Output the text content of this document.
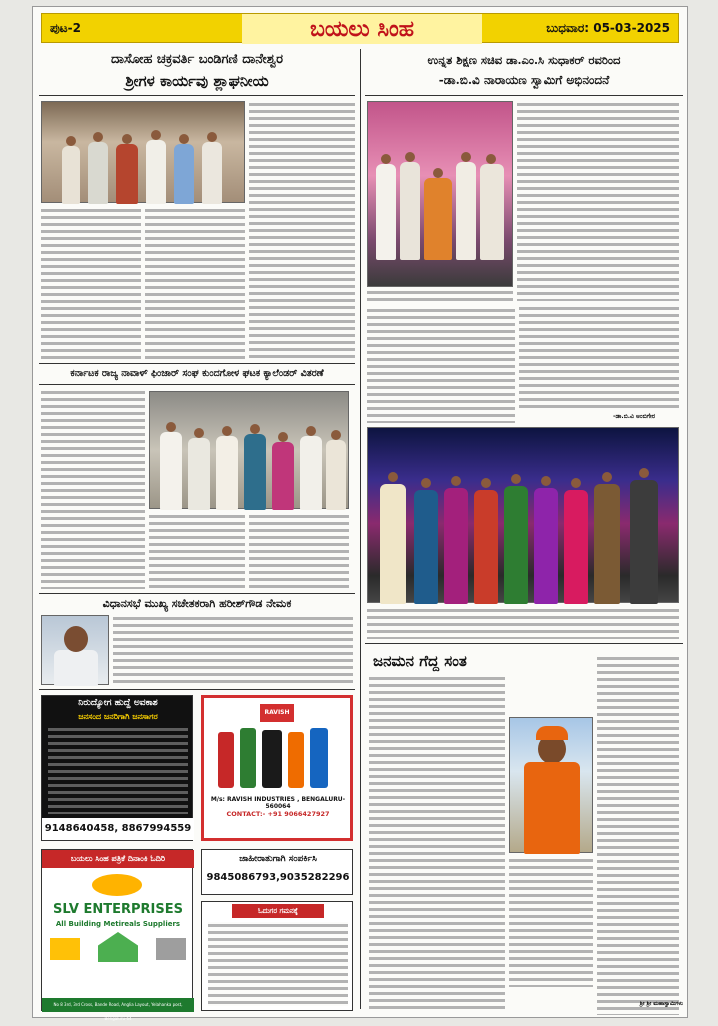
ಪುಟ-2	ಬಯಲು ಸಿಂಹ	ಬುಧವಾರ: 05-03-2025
ದಾಸೋಹ ಚಕ್ರವರ್ತಿ ಬಂಡಿಗಣಿ ದಾನೇಶ್ವರ
ಶ್ರೀಗಳ ಕಾರ್ಯವು ಶ್ಲಾಘನೀಯ
ಕರ್ನಾಟಕ ರಾಜ್ಯ ನಾವಾಳ್ ಫಿಂಜಾರ್ ಸಂಘ ಕುಂದಗೋಳ ಘಟಕ ಕ್ಯಾಲೆಂಡರ್ ವಿತರಣೆ
ವಿಧಾನಸಭೆ ಮುಖ್ಯ ಸಚೇತಕರಾಗಿ ಹರೀಶ್‌ಗೌಡ ನೇಮಕ
ನಿರುದ್ಯೋಗ ಹುದ್ದೆ ಅವಕಾಶ
ಜನಸಂದ ಜನರಿಗಾಗಿ ಜನಸಾಗರ
9148640458, 8867994559
RAVISH
M/s: RAVISH INDUSTRIES , BENGALURU-560064
CONTACT:- +91 9066427927
ಬಯಲು ಸಿಂಹ ಪತ್ರಿಕೆ ದಿನಾಂಕಿ ಓದಿರಿ
SLV ENTERPRISES
All Building Metireals Suppliers
No 8 3rd, 3rd Cross, Bande Road, Anglia Layout, Yelahanka post, Bengaluru-64
ಜಾಹೀರಾತುಗಾಗಿ ಸಂಪರ್ಕಿಸಿ
9845086793,9035282296
ಓದುಗರ ಗಮನಕ್ಕೆ
ಉನ್ನತ ಶಿಕ್ಷಣ ಸಚಿವ ಡಾ.ಎಂ.ಸಿ ಸುಧಾಕರ್ ರವರಿಂದ
-ಡಾ.ಬಿ.ವಿ ನಾರಾಯಣ ಸ್ವಾಮಿಗೆ ಅಭಿನಂದನೆ
-ಡಾ.ಬಿ.ವಿ ಅಂಬಿಗೇರ
ಜನಮನ ಗೆದ್ದ ಸಂತ
ಶ್ರೀ ಶ್ರೀ ಮಹಾಸ್ವಾಮಿಗಳು
